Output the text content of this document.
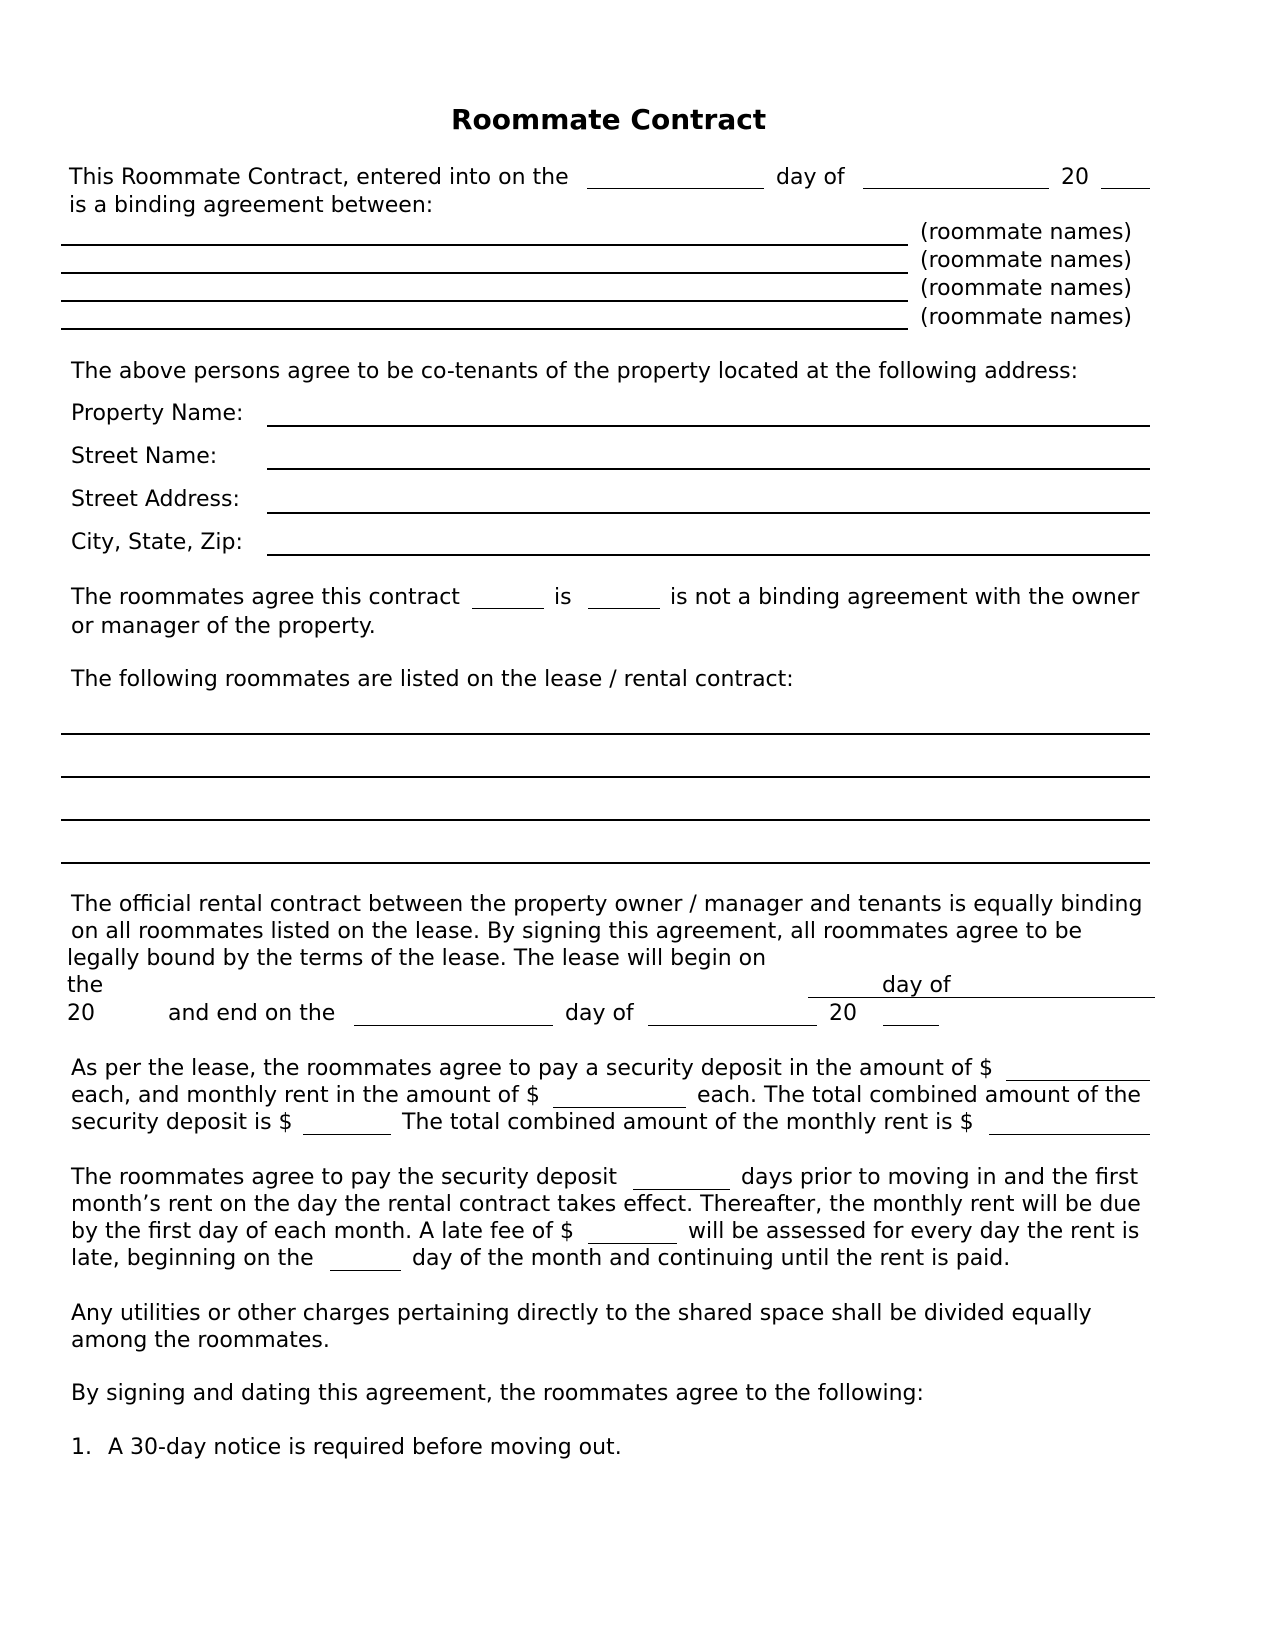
Roommate Contract
This Roommate Contract, entered into on the	day of	20
is a binding agreement between:
(roommate names)
(roommate names)
(roommate names)
(roommate names)
The above persons agree to be co-tenants of the property located at the following address:
Property Name:
Street Name:
Street Address:
City, State, Zip:
The roommates agree this contract	is	is not a binding agreement with the owner
or manager of the property.
The following roommates are listed on the lease / rental contract:
The official rental contract between the property owner / manager and tenants is equally binding
on all roommates listed on the lease. By signing this agreement, all roommates agree to be
legally bound by the terms of the lease. The lease will begin on
the	day of
20	and end on the	day of	20
As per the lease, the roommates agree to pay a security deposit in the amount of $
each, and monthly rent in the amount of $	each. The total combined amount of the
security deposit is $	The total combined amount of the monthly rent is $
The roommates agree to pay the security deposit	days prior to moving in and the first
month’s rent on the day the rental contract takes effect. Thereafter, the monthly rent will be due
by the first day of each month. A late fee of $	will be assessed for every day the rent is
late, beginning on the	day of the month and continuing until the rent is paid.
Any utilities or other charges pertaining directly to the shared space shall be divided equally
among the roommates.
By signing and dating this agreement, the roommates agree to the following:
1. A 30-day notice is required before moving out.
